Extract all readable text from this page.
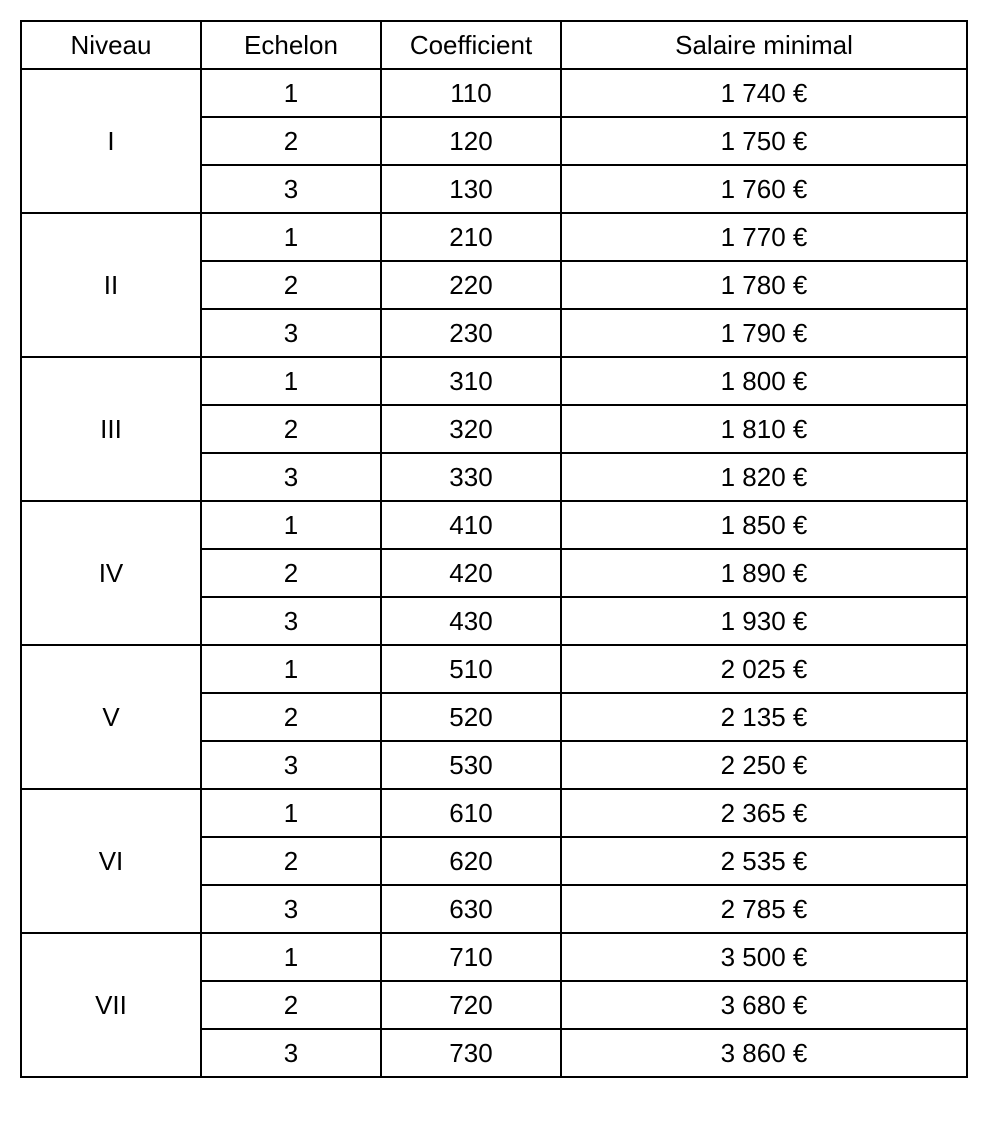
Niveau	Echelon	Coefficient	Salaire minimal
I	1	110	1 740 €
	2	120	1 750 €
	3	130	1 760 €
II	1	210	1 770 €
	2	220	1 780 €
	3	230	1 790 €
III	1	310	1 800 €
	2	320	1 810 €
	3	330	1 820 €
IV	1	410	1 850 €
	2	420	1 890 €
	3	430	1 930 €
V	1	510	2 025 €
	2	520	2 135 €
	3	530	2 250 €
VI	1	610	2 365 €
	2	620	2 535 €
	3	630	2 785 €
VII	1	710	3 500 €
	2	720	3 680 €
	3	730	3 860 €
